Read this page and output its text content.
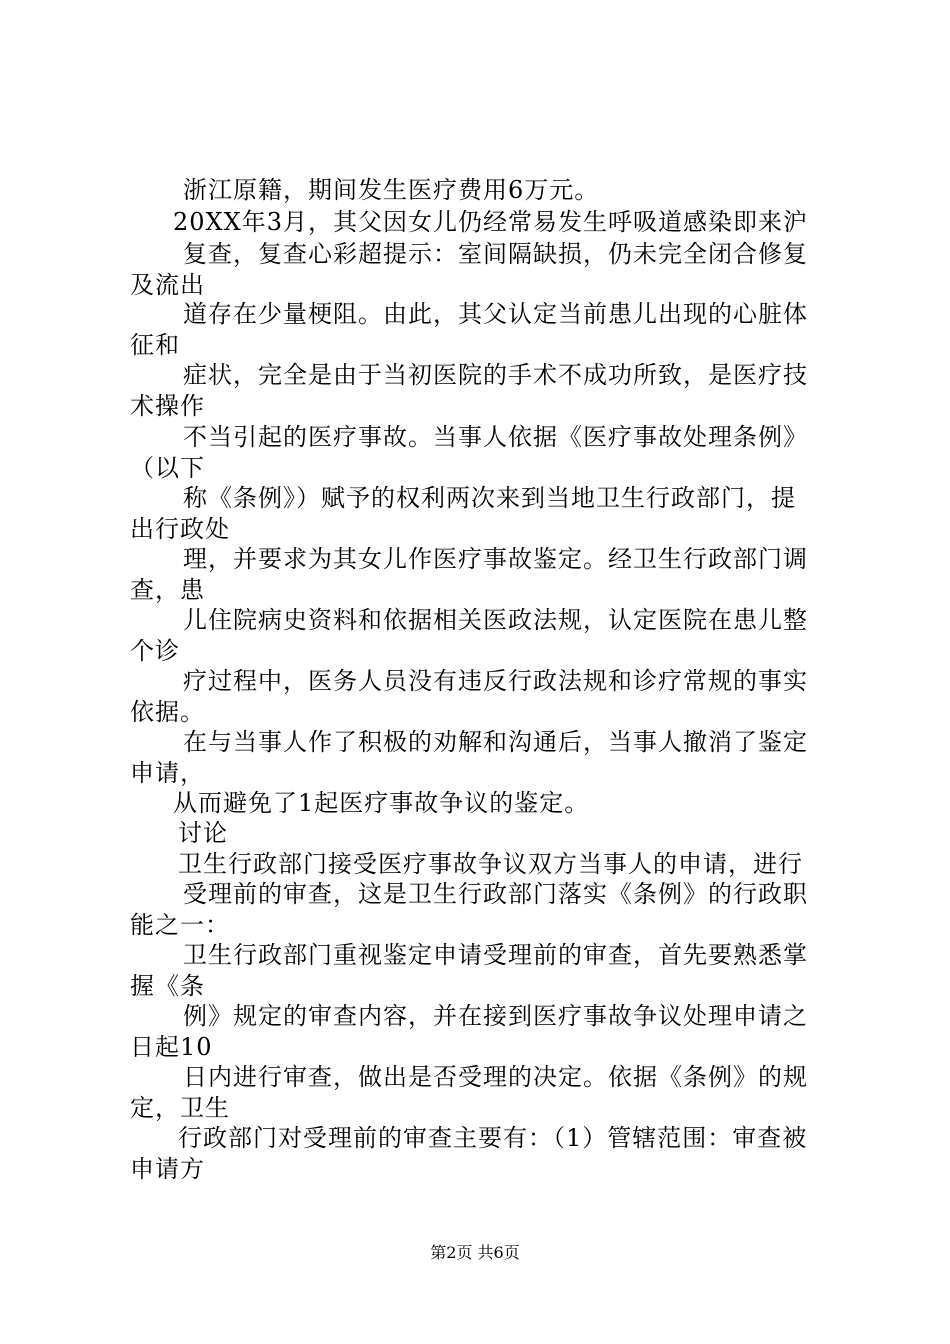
浙江原籍，期间发生医疗费用6万元。
20XX年3月，其父因女儿仍经常易发生呼吸道感染即来沪
复查，复查心彩超提示：室间隔缺损，仍未完全闭合修复
及流出
道存在少量梗阻。由此，其父认定当前患儿出现的心脏体
征和
症状，完全是由于当初医院的手术不成功所致，是医疗技
术操作
不当引起的医疗事故。当事人依据《医疗事故处理条例》
（以下
称《条例》）赋予的权利两次来到当地卫生行政部门，提
出行政处
理，并要求为其女儿作医疗事故鉴定。经卫生行政部门调
查，患
儿住院病史资料和依据相关医政法规，认定医院在患儿整
个诊
疗过程中，医务人员没有违反行政法规和诊疗常规的事实
依据。
在与当事人作了积极的劝解和沟通后，当事人撤消了鉴定
申请，
从而避免了1起医疗事故争议的鉴定。
讨论
卫生行政部门接受医疗事故争议双方当事人的申请，进行
受理前的审查，这是卫生行政部门落实《条例》的行政职
能之一：
卫生行政部门重视鉴定申请受理前的审查，首先要熟悉掌
握《条
例》规定的审查内容，并在接到医疗事故争议处理申请之
日起10
日内进行审查，做出是否受理的决定。依据《条例》的规
定，卫生
行政部门对受理前的审查主要有：（1）管辖范围：审查被
申请方
第2页 共6页
